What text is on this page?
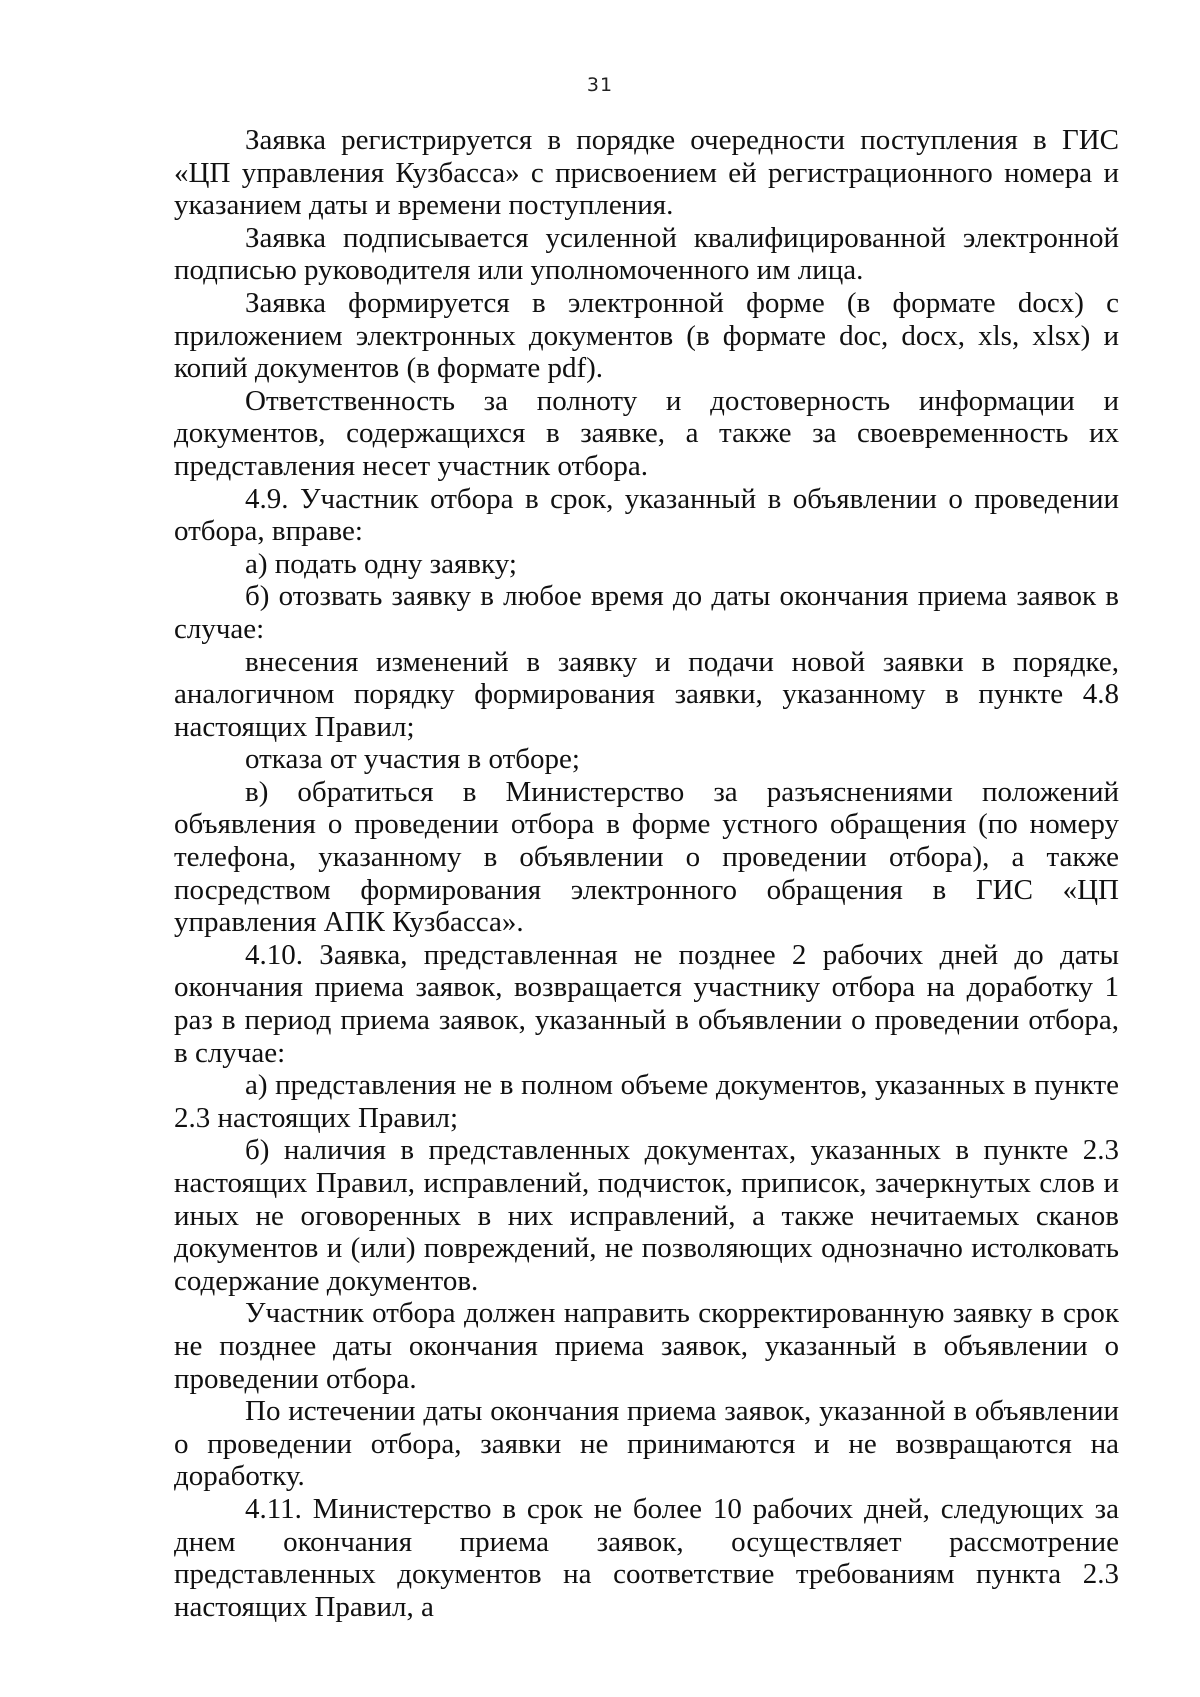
31

Заявка регистрируется в порядке очередности поступления в ГИС «ЦП управления Кузбасса» с присвоением ей регистрационного номера и указанием даты и времени поступления.

Заявка подписывается усиленной квалифицированной электронной подписью руководителя или уполномоченного им лица.

Заявка формируется в электронной форме (в формате docx) с приложением электронных документов (в формате doc, docx, xls, xlsx) и копий документов (в формате pdf).

Ответственность за полноту и достоверность информации и документов, содержащихся в заявке, а также за своевременность их представления несет участник отбора.

4.9. Участник отбора в срок, указанный в объявлении о проведении отбора, вправе:

а) подать одну заявку;

б) отозвать заявку в любое время до даты окончания приема заявок в случае:

внесения изменений в заявку и подачи новой заявки в порядке, аналогичном порядку формирования заявки, указанному в пункте 4.8 настоящих Правил;

отказа от участия в отборе;

в) обратиться в Министерство за разъяснениями положений объявления о проведении отбора в форме устного обращения (по номеру телефона, указанному в объявлении о проведении отбора), а также посредством формирования электронного обращения в ГИС «ЦП управления АПК Кузбасса».

4.10. Заявка, представленная не позднее 2 рабочих дней до даты окончания приема заявок, возвращается участнику отбора на доработку 1 раз в период приема заявок, указанный в объявлении о проведении отбора, в случае:

а) представления не в полном объеме документов, указанных в пункте 2.3 настоящих Правил;

б) наличия в представленных документах, указанных в пункте 2.3 настоящих Правил, исправлений, подчисток, приписок, зачеркнутых слов и иных не оговоренных в них исправлений, а также нечитаемых сканов документов и (или) повреждений, не позволяющих однозначно истолковать содержание документов.

Участник отбора должен направить скорректированную заявку в срок не позднее даты окончания приема заявок, указанный в объявлении о проведении отбора.

По истечении даты окончания приема заявок, указанной в объявлении о проведении отбора, заявки не принимаются и не возвращаются на доработку.

4.11. Министерство в срок не более 10 рабочих дней, следующих за днем окончания приема заявок, осуществляет рассмотрение представленных документов на соответствие требованиям пункта 2.3 настоящих Правил, а
